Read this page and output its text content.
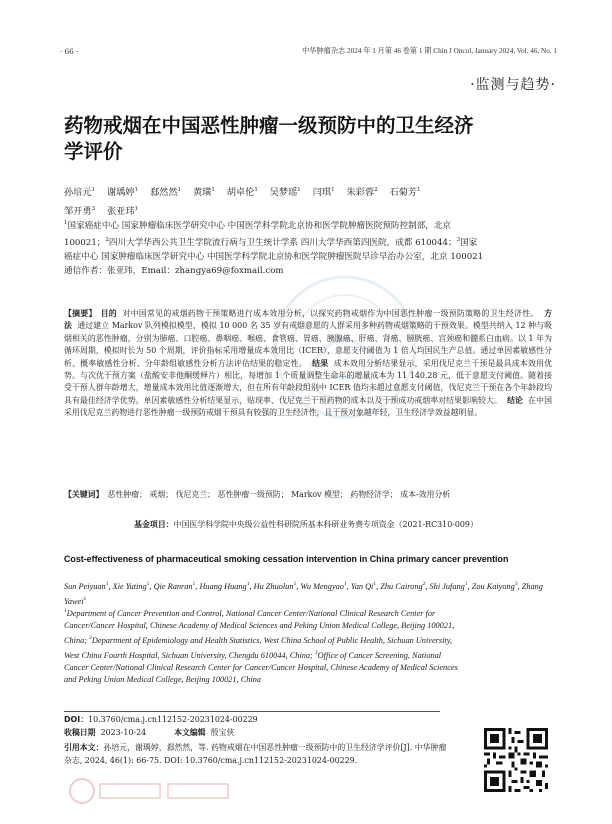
· 66 ·	中华肿瘤杂志 2024 年 1 月第 46 卷第 1 期 Chin J Oncol, January 2024, Vol. 46, No. 1
·监测与趋势·
药物戒烟在中国恶性肿瘤一级预防中的卫生经济学评价
孙培元$^1$ 谢瑀婷$^1$ 郄然然$^1$ 黄璜$^1$ 胡卓伦$^1$ 吴梦瑶$^1$ 闫琪$^1$ 朱彩蓉$^2$ 石菊芳$^1$
邹开勇$^3$ 张亚玮$^1$
$^1$国家癌症中心 国家肿瘤临床医学研究中心 中国医学科学院北京协和医学院肿瘤医院预防控制部，北京 100021；$^2$四川大学华西公共卫生学院流行病与卫生统计学系 四川大学华西第四医院，成都 610044；$^3$国家癌症中心 国家肿瘤临床医学研究中心 中国医学科学院北京协和医学院肿瘤医院早诊早治办公室，北京 100021
通信作者：张亚玮，Email：zhangya69@foxmail.com
【摘要】 目的 对中国常见的戒烟药物干预策略进行成本效用分析，以探究药物戒烟作为中国恶性肿瘤一级预防策略的卫生经济性。 方法 通过建立 Markov 队列模拟模型，模拟 10 000 名 35 岁有戒烟意愿的人群采用多种药物戒烟策略的干预效果。模型共纳入 12 种与吸烟相关的恶性肿瘤，分别为肺癌、口腔癌、鼻咽癌、喉癌、食管癌、胃癌、胰腺癌、肝癌、肾癌、膀胱癌、宫颈癌和髓系白血病。以 1 年为循环周期，模拟时长为 50 个周期，评价指标采用增量成本效用比（ICER），意愿支付阈值为 1 倍人均国民生产总值。通过单因素敏感性分析、概率敏感性分析、分年龄组敏感性分析方法评估结果的稳定性。 结果 成本效用分析结果显示，采用伐尼克兰干预是最具成本效用优势。与次优干预方案（盐酸安非他酮缓释片）相比，每增加 1 个质量调整生命年的增量成本为 11 140.28 元，低于意愿支付阈值。随着接受干预人群年龄增大，增量成本效用比值逐渐增大，但在所有年龄段组别中 ICER 值均未超过意愿支付阈值，伐尼克兰干预在各个年龄段均具有最佳经济学优势。单因素敏感性分析结果显示，贴现率、伐尼克兰干预药物的成本以及干预成功戒烟率对结果影响较大。 结论 在中国采用伐尼克兰药物进行恶性肿瘤一级预防戒烟干预具有较强的卫生经济性，且干预对象越年轻，卫生经济学效益越明显。
【关键词】 恶性肿瘤； 戒烟； 伐尼克兰； 恶性肿瘤一级预防； Markov 模型； 药物经济学； 成本-效用分析
基金项目：中国医学科学院中央级公益性科研院所基本科研业务费专项资金（2021-RC310-009）
Cost-effectiveness of pharmaceutical smoking cessation intervention in China primary cancer prevention
Sun Peiyuan$^1$, Xie Yuting$^1$, Qie Ranran$^1$, Huang Huang$^1$, Hu Zhuolun$^1$, Wu Mengyao$^1$, Yan Qi$^1$, Zhu Cairong$^2$, Shi Jufang$^1$, Zou Kaiyong$^3$, Zhang Yawei$^1$
$^1$Department of Cancer Prevention and Control, National Cancer Center/National Clinical Research Center for Cancer/Cancer Hospital, Chinese Academy of Medical Sciences and Peking Union Medical College, Beijing 100021, China; $^2$Department of Epidemiology and Health Statistics, West China School of Public Health, Sichuan University, West China Fourth Hospital, Sichuan University, Chengdu 610044, China; $^3$Office of Cancer Screening, National Cancer Center/National Clinical Research Center for Cancer/Cancer Hospital, Chinese Academy of Medical Sciences and Peking Union Medical College, Beijing 100021, China
DOI：10.3760/cma.j.cn112152-20231024-00229
收稿日期 2023-10-24	本文编辑 殷宝侠
引用本文：孙培元，谢瑀婷，郄然然，等. 药物戒烟在中国恶性肿瘤一级预防中的卫生经济学评价[J]. 中华肿瘤杂志, 2024, 46(1): 66-75. DOI: 10.3760/cma.j.cn112152-20231024-00229.
